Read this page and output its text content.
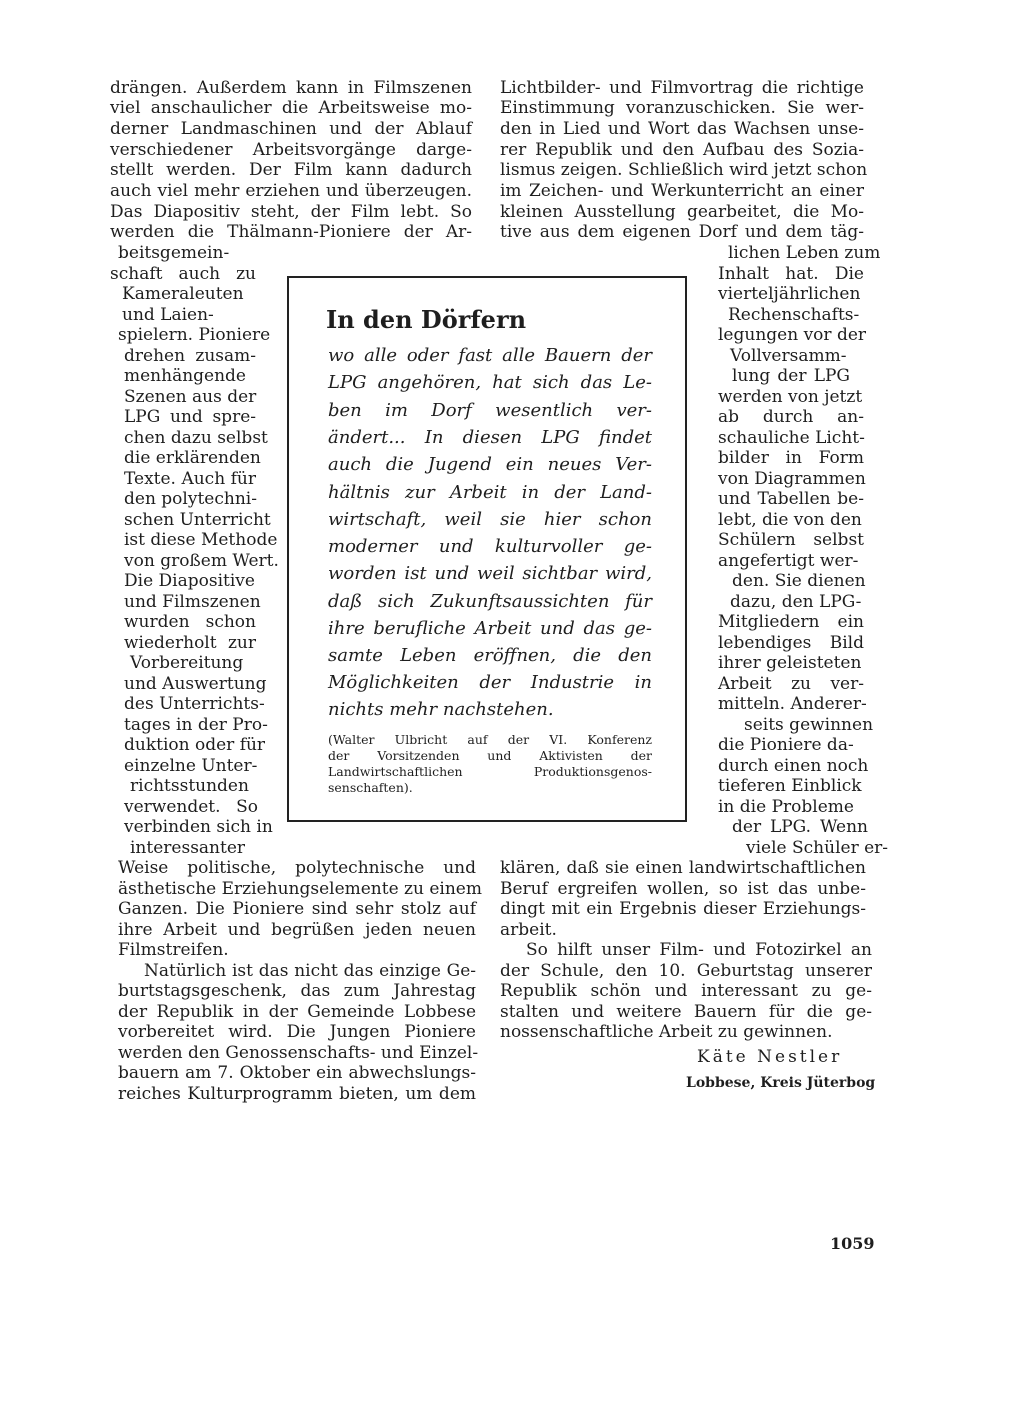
drängen. Außerdem kann in Filmszenen

viel anschaulicher die Arbeitsweise mo-

derner Landmaschinen und der Ablauf

verschiedener Arbeitsvorgänge darge-

stellt werden. Der Film kann dadurch

auch viel mehr erziehen und überzeugen.

Das Diapositiv steht, der Film lebt. So

werden die Thälmann-Pioniere der Ar-

beitsgemein-

schaft auch zu

Kameraleuten

und Laien-

spielern. Pioniere

drehen zusam-

menhängende

Szenen aus der

LPG und spre-

chen dazu selbst

die erklärenden

Texte. Auch für

den polytechni-

schen Unterricht

ist diese Methode

von großem Wert.

Die Diapositive

und Filmszenen

wurden schon

wiederholt zur

Vorbereitung

und Auswertung

des Unterrichts-

tages in der Pro-

duktion oder für

einzelne Unter-

richtsstunden

verwendet. So

verbinden sich in

interessanter

Weise politische, polytechnische und

ästhetische Erziehungselemente zu einem

Ganzen. Die Pioniere sind sehr stolz auf

ihre Arbeit und begrüßen jeden neuen

Filmstreifen.

Natürlich ist das nicht das einzige Ge-

burtstagsgeschenk, das zum Jahrestag

der Republik in der Gemeinde Lobbese

vorbereitet wird. Die Jungen Pioniere

werden den Genossenschafts- und Einzel-

bauern am 7. Oktober ein abwechslungs-

reiches Kulturprogramm bieten, um dem

Lichtbilder- und Filmvortrag die richtige

Einstimmung voranzuschicken. Sie wer-

den in Lied und Wort das Wachsen unse-

rer Republik und den Aufbau des Sozia-

lismus zeigen. Schließlich wird jetzt schon

im Zeichen- und Werkunterricht an einer

kleinen Ausstellung gearbeitet, die Mo-

tive aus dem eigenen Dorf und dem täg-

lichen Leben zum

Inhalt hat. Die

vierteljährlichen

Rechenschafts-

legungen vor der

Vollversamm-

lung der LPG

werden von jetzt

ab durch an-

schauliche Licht-

bilder in Form

von Diagrammen

und Tabellen be-

lebt, die von den

Schülern selbst

angefertigt wer-

den. Sie dienen

dazu, den LPG-

Mitgliedern ein

lebendiges Bild

ihrer geleisteten

Arbeit zu ver-

mitteln. Anderer-

seits gewinnen

die Pioniere da-

durch einen noch

tieferen Einblick

in die Probleme

der LPG. Wenn

viele Schüler er-

klären, daß sie einen landwirtschaftlichen

Beruf ergreifen wollen, so ist das unbe-

dingt mit ein Ergebnis dieser Erziehungs-

arbeit.

So hilft unser Film- und Fotozirkel an

der Schule, den 10. Geburtstag unserer

Republik schön und interessant zu ge-

stalten und weitere Bauern für die ge-

nossenschaftliche Arbeit zu gewinnen.

In den Dörfern

wo alle oder fast alle Bauern der

LPG angehören, hat sich das Le-

ben im Dorf wesentlich ver-

ändert... In diesen LPG findet

auch die Jugend ein neues Ver-

hältnis zur Arbeit in der Land-

wirtschaft, weil sie hier schon

moderner und kulturvoller ge-

worden ist und weil sichtbar wird,

daß sich Zukunftsaussichten für

ihre berufliche Arbeit und das ge-

samte Leben eröffnen, die den

Möglichkeiten der Industrie in

nichts mehr nachstehen.

(Walter Ulbricht auf der VI. Konferenz

der Vorsitzenden und Aktivisten der

Landwirtschaftlichen Produktionsgenos-

senschaften).

Käte Nestler

Lobbese, Kreis Jüterbog

1059
